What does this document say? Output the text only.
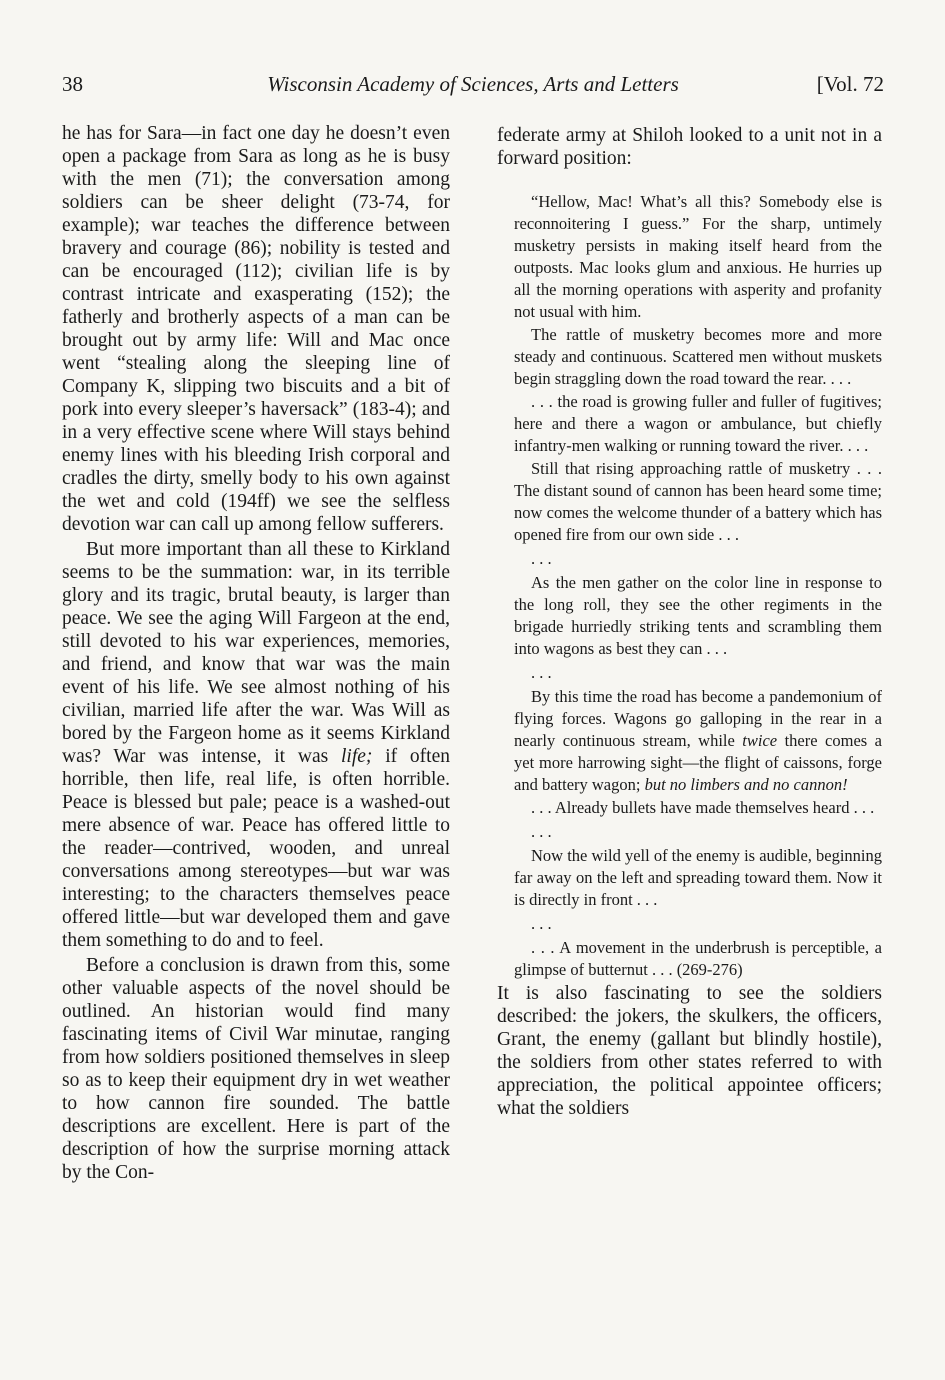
38	Wisconsin Academy of Sciences, Arts and Letters	[Vol. 72

he has for Sara—in fact one day he doesn’t even open a package from Sara as long as he is busy with the men (71); the conversation among soldiers can be sheer delight (73-74, for example); war teaches the difference between bravery and courage (86); nobility is tested and can be encouraged (112); civilian life is by contrast intricate and exasperating (152); the fatherly and brotherly aspects of a man can be brought out by army life: Will and Mac once went “stealing along the sleeping line of Company K, slipping two biscuits and a bit of pork into every sleeper’s haversack” (183-4); and in a very effective scene where Will stays behind enemy lines with his bleeding Irish corporal and cradles the dirty, smelly body to his own against the wet and cold (194ff) we see the selfless devotion war can call up among fellow sufferers.

But more important than all these to Kirkland seems to be the summation: war, in its terrible glory and its tragic, brutal beauty, is larger than peace. We see the aging Will Fargeon at the end, still devoted to his war experiences, memories, and friend, and know that war was the main event of his life. We see almost nothing of his civilian, married life after the war. Was Will as bored by the Fargeon home as it seems Kirkland was? War was intense, it was life; if often horrible, then life, real life, is often horrible. Peace is blessed but pale; peace is a washed-out mere absence of war. Peace has offered little to the reader—contrived, wooden, and unreal conversations among stereotypes—but war was interesting; to the characters themselves peace offered little—but war developed them and gave them something to do and to feel.

Before a conclusion is drawn from this, some other valuable aspects of the novel should be outlined. An historian would find many fascinating items of Civil War minutae, ranging from how soldiers positioned themselves in sleep so as to keep their equipment dry in wet weather to how cannon fire sounded. The battle descriptions are excellent. Here is part of the description of how the surprise morning attack by the Con-

federate army at Shiloh looked to a unit not in a forward position:

“Hellow, Mac! What’s all this? Somebody else is reconnoitering I guess.” For the sharp, untimely musketry persists in making itself heard from the outposts. Mac looks glum and anxious. He hurries up all the morning operations with asperity and profanity not usual with him.

The rattle of musketry becomes more and more steady and continuous. Scattered men without muskets begin straggling down the road toward the rear. . . .

. . . the road is growing fuller and fuller of fugitives; here and there a wagon or ambulance, but chiefly infantry-men walking or running toward the river. . . .

Still that rising approaching rattle of musketry . . . The distant sound of cannon has been heard some time; now comes the welcome thunder of a battery which has opened fire from our own side . . .

. . .

As the men gather on the color line in response to the long roll, they see the other regiments in the brigade hurriedly striking tents and scrambling them into wagons as best they can . . .

. . .

By this time the road has become a pandemonium of flying forces. Wagons go galloping in the rear in a nearly continuous stream, while twice there comes a yet more harrowing sight—the flight of caissons, forge and battery wagon; but no limbers and no cannon!

. . . Already bullets have made themselves heard . . .

. . .

Now the wild yell of the enemy is audible, beginning far away on the left and spreading toward them. Now it is directly in front . . .

. . .

. . . A movement in the underbrush is perceptible, a glimpse of butternut . . . (269-276)

It is also fascinating to see the soldiers described: the jokers, the skulkers, the officers, Grant, the enemy (gallant but blindly hostile), the soldiers from other states referred to with appreciation, the political appointee officers; what the soldiers
